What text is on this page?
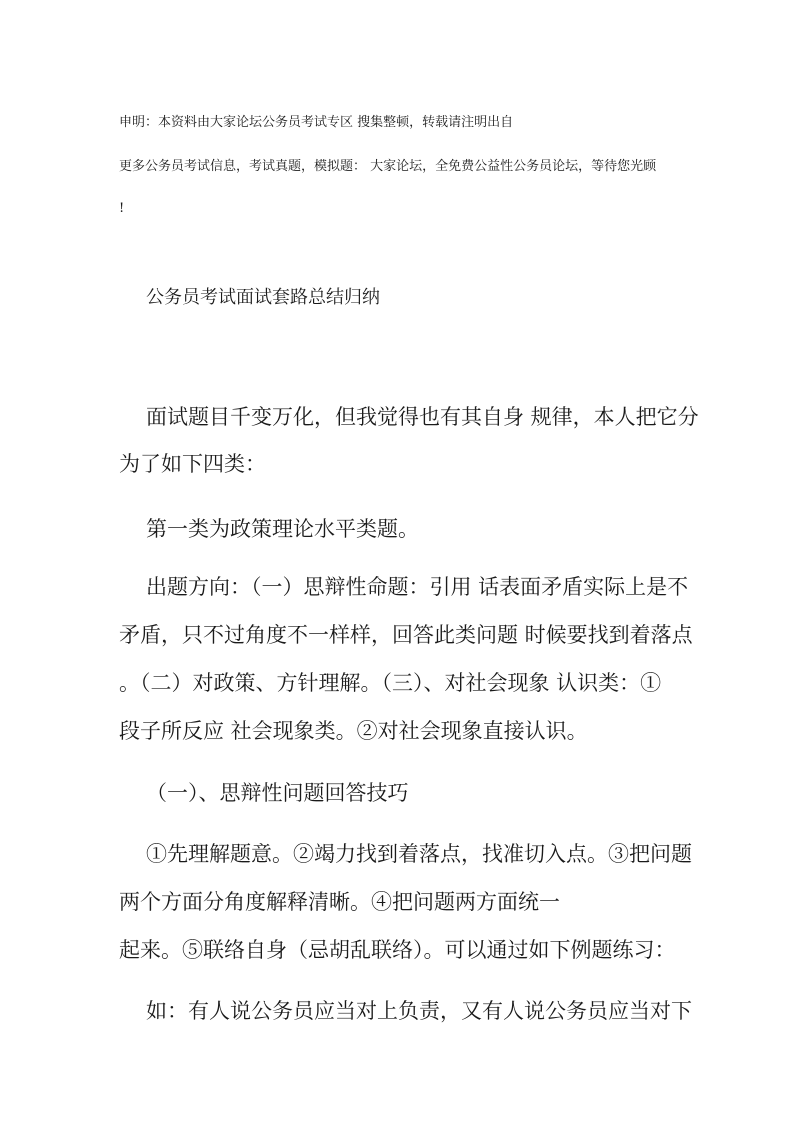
申明：本资料由大家论坛公务员考试专区 搜集整顿，转载请注明出自

更多公务员考试信息，考试真题，模拟题： 大家论坛，全免费公益性公务员论坛，等待您光顾

!

公务员考试面试套路总结归纳

面试题目千变万化，但我觉得也有其自身 规律，本人把它分

为了如下四类：

第一类为政策理论水平类题。

出题方向：（一）思辩性命题：引用 话表面矛盾实际上是不

矛盾，只不过角度不一样样，回答此类问题 时候要找到着落点

。（二）对政策、方针理解。（三）、对社会现象 认识类：①

段子所反应 社会现象类。②对社会现象直接认识。

（一）、思辩性问题回答技巧

①先理解题意。②竭力找到着落点，找准切入点。③把问题

两个方面分角度解释清晰。④把问题两方面统一

起来。⑤联络自身（忌胡乱联络）。可以通过如下例题练习：

如：有人说公务员应当对上负责，又有人说公务员应当对下
